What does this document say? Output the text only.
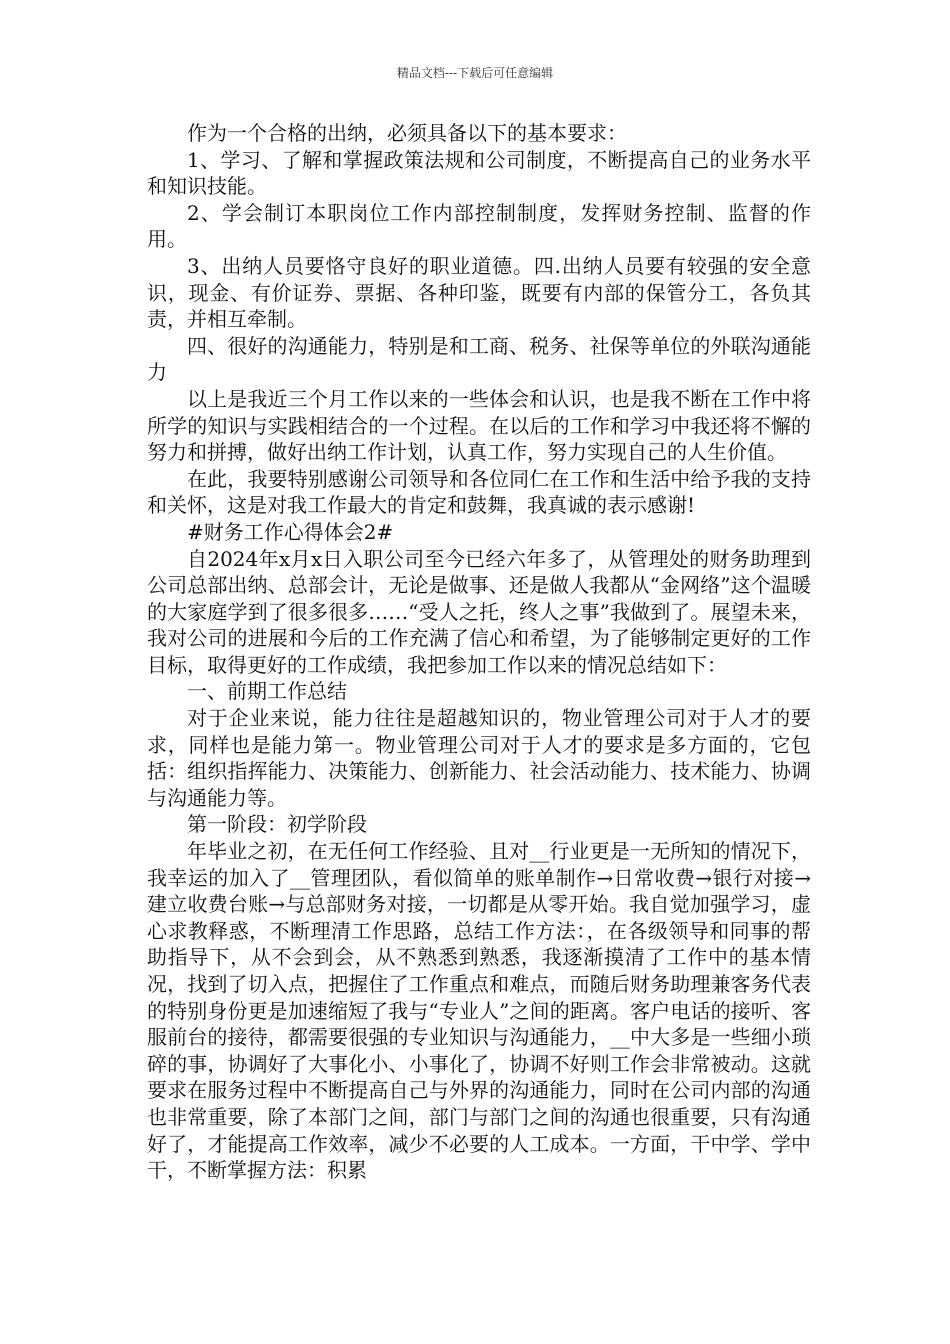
精品文档---下载后可任意编辑

作为一个合格的出纳，必须具备以下的基本要求：

1、学习、了解和掌握政策法规和公司制度，不断提高自己的业务水平和知识技能。

2、学会制订本职岗位工作内部控制制度，发挥财务控制、监督的作用。

3、出纳人员要恪守良好的职业道德。四.出纳人员要有较强的安全意识，现金、有价证券、票据、各种印鉴，既要有内部的保管分工，各负其责，并相互牵制。

四、很好的沟通能力，特别是和工商、税务、社保等单位的外联沟通能力

以上是我近三个月工作以来的一些体会和认识，也是我不断在工作中将所学的知识与实践相结合的一个过程。在以后的工作和学习中我还将不懈的努力和拼搏，做好出纳工作计划，认真工作，努力实现自己的人生价值。

在此，我要特别感谢公司领导和各位同仁在工作和生活中给予我的支持和关怀，这是对我工作最大的肯定和鼓舞，我真诚的表示感谢!

#财务工作心得体会2#

自2024年x月x日入职公司至今已经六年多了，从管理处的财务助理到公司总部出纳、总部会计，无论是做事、还是做人我都从“金网络”这个温暖的大家庭学到了很多很多……“受人之托，终人之事”我做到了。展望未来，我对公司的进展和今后的工作充满了信心和希望，为了能够制定更好的工作目标，取得更好的工作成绩，我把参加工作以来的情况总结如下：

一、前期工作总结

对于企业来说，能力往往是超越知识的，物业管理公司对于人才的要求，同样也是能力第一。物业管理公司对于人才的要求是多方面的，它包括：组织指挥能力、决策能力、创新能力、社会活动能力、技术能力、协调与沟通能力等。

第一阶段：初学阶段

年毕业之初，在无任何工作经验、且对__行业更是一无所知的情况下，我幸运的加入了__管理团队，看似简单的账单制作→日常收费→银行对接→建立收费台账→与总部财务对接，一切都是从零开始。我自觉加强学习，虚心求教释惑，不断理清工作思路，总结工作方法：，在各级领导和同事的帮助指导下，从不会到会，从不熟悉到熟悉，我逐渐摸清了工作中的基本情况，找到了切入点，把握住了工作重点和难点，而随后财务助理兼客务代表的特别身份更是加速缩短了我与“专业人”之间的距离。客户电话的接听、客服前台的接待，都需要很强的专业知识与沟通能力，__中大多是一些细小琐碎的事，协调好了大事化小、小事化了，协调不好则工作会非常被动。这就要求在服务过程中不断提高自己与外界的沟通能力，同时在公司内部的沟通也非常重要，除了本部门之间，部门与部门之间的沟通也很重要，只有沟通好了，才能提高工作效率，减少不必要的人工成本。一方面，干中学、学中干，不断掌握方法：积累
